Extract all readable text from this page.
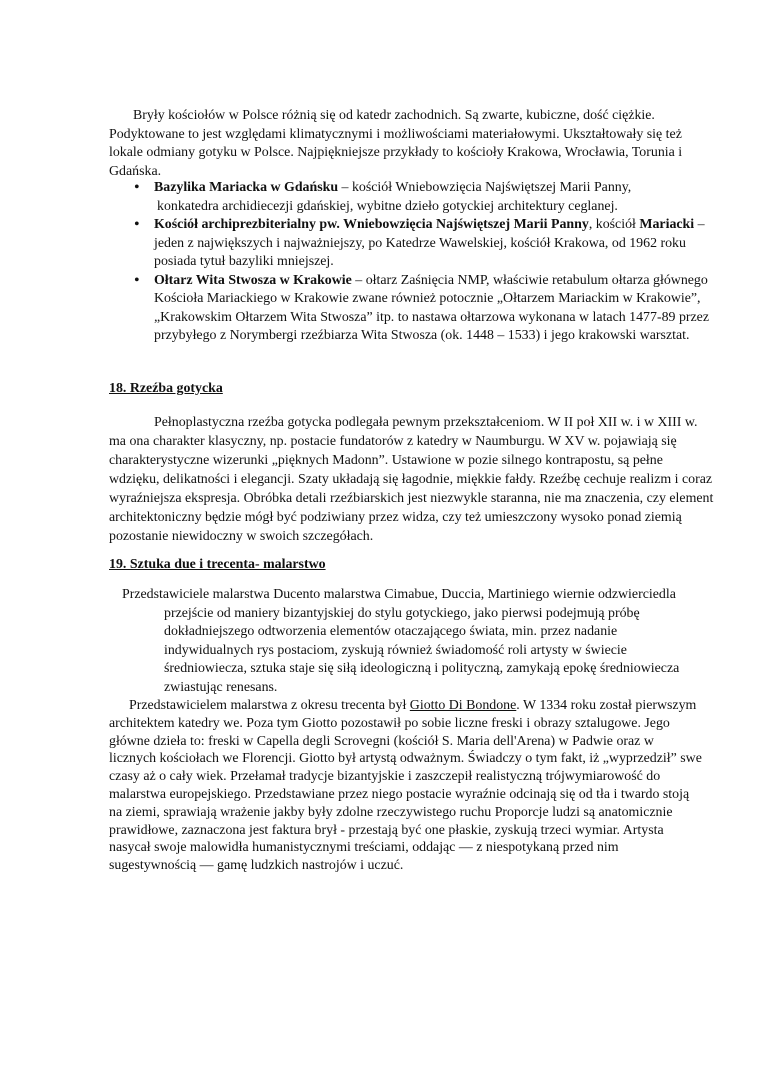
Bryły kościołów w Polsce różnią się od katedr zachodnich. Są zwarte, kubiczne, dość ciężkie. Podyktowane to jest względami klimatycznymi i możliwościami materiałowymi. Ukształtowały się też lokale odmiany gotyku w Polsce. Najpiękniejsze przykłady to kościoły Krakowa, Wrocławia, Torunia i Gdańska.
• Bazylika Mariacka w Gdańsku – kościół Wniebowzięcia Najświętszej Marii Panny,
konkatedra archidiecezji gdańskiej, wybitne dzieło gotyckiej architektury ceglanej.
• Kościół archiprezbiterialny pw. Wniebowzięcia Najświętszej Marii Panny, kościół Mariacki – jeden z największych i najważniejszy, po Katedrze Wawelskiej, kościół Krakowa, od 1962 roku posiada tytuł bazyliki mniejszej.
• Ołtarz Wita Stwosza w Krakowie – ołtarz Zaśnięcia NMP, właściwie retabulum ołtarza głównego Kościoła Mariackiego w Krakowie zwane również potocznie „Ołtarzem Mariackim w Krakowie”, „Krakowskim Ołtarzem Wita Stwosza” itp. to nastawa ołtarzowa wykonana w latach 1477-89 przez przybyłego z Norymbergi rzeźbiarza Wita Stwosza (ok. 1448 – 1533) i jego krakowski warsztat.
18. Rzeźba gotycka
Pełnoplastyczna rzeźba gotycka podlegała pewnym przekształceniom. W II poł XII w. i w XIII w. ma ona charakter klasyczny, np. postacie fundatorów z katedry w Naumburgu. W XV w. pojawiają się charakterystyczne wizerunki „pięknych Madonn”. Ustawione w pozie silnego kontrapostu, są pełne wdzięku, delikatności i elegancji. Szaty układają się łagodnie, miękkie fałdy. Rzeźbę cechuje realizm i coraz wyraźniejsza ekspresja. Obróbka detali rzeźbiarskich jest niezwykle staranna, nie ma znaczenia, czy element architektoniczny będzie mógł być podziwiany przez widza, czy też umieszczony wysoko ponad ziemią pozostanie niewidoczny w swoich szczegółach.
19. Sztuka due i trecenta- malarstwo
Przedstawiciele malarstwa Ducento malarstwa Cimabue, Duccia, Martiniego wiernie odzwierciedla przejście od maniery bizantyjskiej do stylu gotyckiego, jako pierwsi podejmują próbę dokładniejszego odtworzenia elementów otaczającego świata, min. przez nadanie indywidualnych rys postaciom, zyskują również świadomość roli artysty w świecie średniowiecza, sztuka staje się siłą ideologiczną i polityczną, zamykają epokę średniowiecza zwiastując renesans.
Przedstawicielem malarstwa z okresu trecenta był Giotto Di Bondone. W 1334 roku został pierwszym architektem katedry we. Poza tym Giotto pozostawił po sobie liczne freski i obrazy sztalugowe. Jego główne dzieła to: freski w Capella degli Scrovegni (kościół S. Maria dell'Arena) w Padwie oraz w licznych kościołach we Florencji. Giotto był artystą odważnym. Świadczy o tym fakt, iż „wyprzedził” swe czasy aż o cały wiek. Przełamał tradycje bizantyjskie i zaszczepił realistyczną trójwymiarowość do malarstwa europejskiego. Przedstawiane przez niego postacie wyraźnie odcinają się od tła i twardo stoją na ziemi, sprawiają wrażenie jakby były zdolne rzeczywistego ruchu Proporcje ludzi są anatomicznie prawidłowe, zaznaczona jest faktura brył - przestają być one płaskie, zyskują trzeci wymiar. Artysta nasycał swoje malowidła humanistycznymi treściami, oddając — z niespotykaną przed nim sugestywnością — gamę ludzkich nastrojów i uczuć.
